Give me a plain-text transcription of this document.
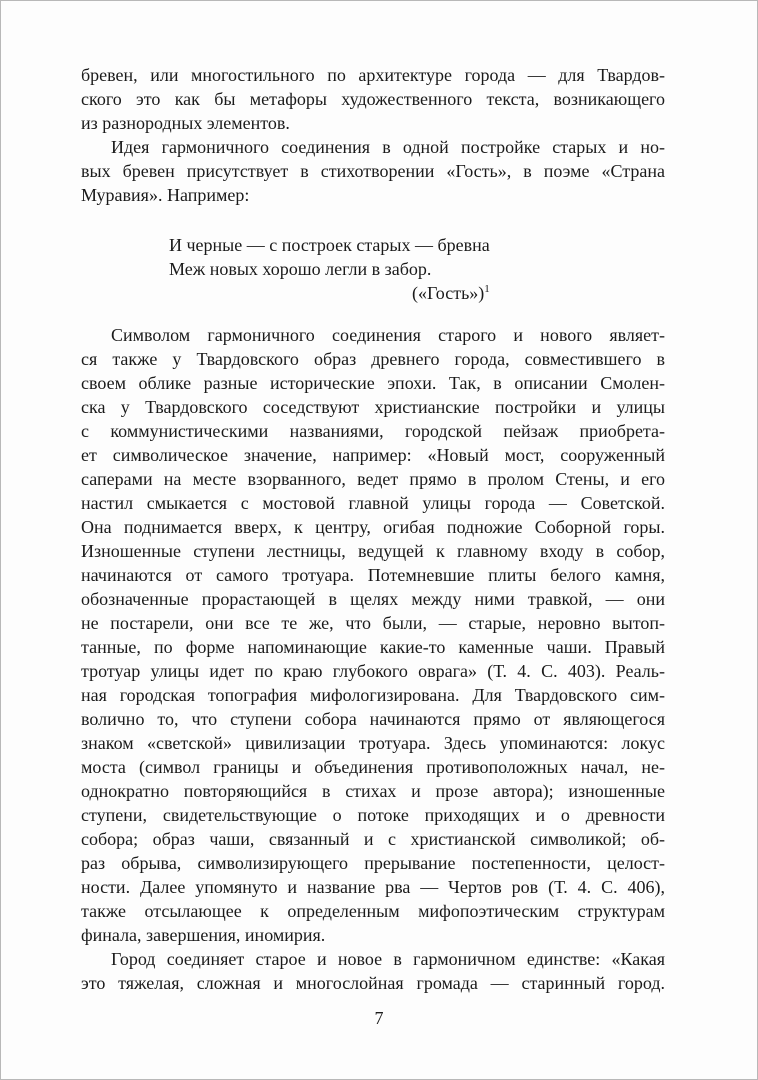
бревен, или многостильного по архитектуре города — для Твардов-
ского это как бы метафоры художественного текста, возникающего
из разнородных элементов.
Идея гармоничного соединения в одной постройке старых и но-
вых бревен присутствует в стихотворении «Гость», в поэме «Страна
Муравия». Например:
И черные — с построек старых — бревна
Меж новых хорошо легли в забор.
(«Гость»)$^1$
Символом гармоничного соединения старого и нового являет-
ся также у Твардовского образ древнего города, совместившего в
своем облике разные исторические эпохи. Так, в описании Смолен-
ска у Твардовского соседствуют христианские постройки и улицы
с коммунистическими названиями, городской пейзаж приобрета-
ет символическое значение, например: «Новый мост, сооруженный
саперами на месте взорванного, ведет прямо в пролом Стены, и его
настил смыкается с мостовой главной улицы города — Советской.
Она поднимается вверх, к центру, огибая подножие Соборной горы.
Изношенные ступени лестницы, ведущей к главному входу в собор,
начинаются от самого тротуара. Потемневшие плиты белого камня,
обозначенные прорастающей в щелях между ними травкой, — они
не постарели, они все те же, что были, — старые, неровно вытоп-
танные, по форме напоминающие какие-то каменные чаши. Правый
тротуар улицы идет по краю глубокого оврага» (Т. 4. С. 403). Реаль-
ная городская топография мифологизирована. Для Твардовского сим-
волично то, что ступени собора начинаются прямо от являющегося
знаком «светской» цивилизации тротуара. Здесь упоминаются: локус
моста (символ границы и объединения противоположных начал, не-
однократно повторяющийся в стихах и прозе автора); изношенные
ступени, свидетельствующие о потоке приходящих и о древности
собора; образ чаши, связанный и с христианской символикой; об-
раз обрыва, символизирующего прерывание постепенности, целост-
ности. Далее упомянуто и название рва — Чертов ров (Т. 4. С. 406),
также отсылающее к определенным мифопоэтическим структурам
финала, завершения, иномирия.
Город соединяет старое и новое в гармоничном единстве: «Какая
это тяжелая, сложная и многослойная громада — старинный город.
7
